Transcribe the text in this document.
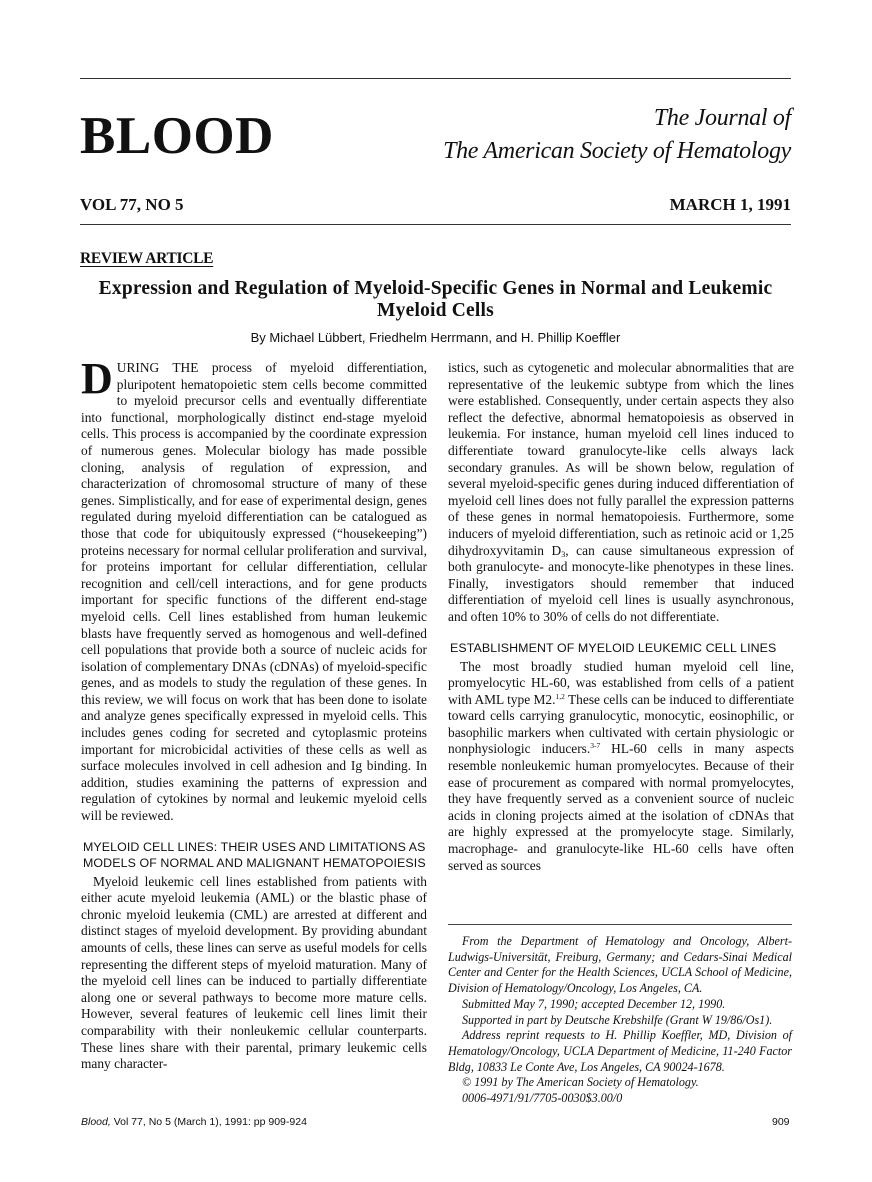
BLOOD	The Journal of
The American Society of Hematology
VOL 77, NO 5	MARCH 1, 1991
REVIEW ARTICLE
Expression and Regulation of Myeloid-Specific Genes in Normal and Leukemic Myeloid Cells
By Michael Lübbert, Friedhelm Herrmann, and H. Phillip Koeffler

DURING THE process of myeloid differentiation, pluripotent hematopoietic stem cells become committed to myeloid precursor cells and eventually differentiate into functional, morphologically distinct end-stage myeloid cells. This process is accompanied by the coordinate expression of numerous genes. Molecular biology has made possible cloning, analysis of regulation of expression, and characterization of chromosomal structure of many of these genes. Simplistically, and for ease of experimental design, genes regulated during myeloid differentiation can be catalogued as those that code for ubiquitously expressed (“housekeeping”) proteins necessary for normal cellular proliferation and survival, for proteins important for cellular differentiation, cellular recognition and cell/cell interactions, and for gene products important for specific functions of the different end-stage myeloid cells. Cell lines established from human leukemic blasts have frequently served as homogenous and well-defined cell populations that provide both a source of nucleic acids for isolation of complementary DNAs (cDNAs) of myeloid-specific genes, and as models to study the regulation of these genes. In this review, we will focus on work that has been done to isolate and analyze genes specifically expressed in myeloid cells. This includes genes coding for secreted and cytoplasmic proteins important for microbicidal activities of these cells as well as surface molecules involved in cell adhesion and Ig binding. In addition, studies examining the patterns of expression and regulation of cytokines by normal and leukemic myeloid cells will be reviewed.

MYELOID CELL LINES: THEIR USES AND LIMITATIONS AS MODELS OF NORMAL AND MALIGNANT HEMATOPOIESIS

Myeloid leukemic cell lines established from patients with either acute myeloid leukemia (AML) or the blastic phase of chronic myeloid leukemia (CML) are arrested at different and distinct stages of myeloid development. By providing abundant amounts of cells, these lines can serve as useful models for cells representing the different steps of myeloid maturation. Many of the myeloid cell lines can be induced to partially differentiate along one or several pathways to become more mature cells. However, several features of leukemic cell lines limit their comparability with their nonleukemic cellular counterparts. These lines share with their parental, primary leukemic cells many character-

istics, such as cytogenetic and molecular abnormalities that are representative of the leukemic subtype from which the lines were established. Consequently, under certain aspects they also reflect the defective, abnormal hematopoiesis as observed in leukemia. For instance, human myeloid cell lines induced to differentiate toward granulocyte-like cells always lack secondary granules. As will be shown below, regulation of several myeloid-specific genes during induced differentiation of myeloid cell lines does not fully parallel the expression patterns of these genes in normal hematopoiesis. Furthermore, some inducers of myeloid differentiation, such as retinoic acid or 1,25 dihydroxyvitamin $D_3$, can cause simultaneous expression of both granulocyte- and monocyte-like phenotypes in these lines. Finally, investigators should remember that induced differentiation of myeloid cell lines is usually asynchronous, and often 10% to 30% of cells do not differentiate.

ESTABLISHMENT OF MYELOID LEUKEMIC CELL LINES

The most broadly studied human myeloid cell line, promyelocytic HL-60, was established from cells of a patient with AML type M2.$^{1,2}$ These cells can be induced to differentiate toward cells carrying granulocytic, monocytic, eosinophilic, or basophilic markers when cultivated with certain physiologic or nonphysiologic inducers.$^{3-7}$ HL-60 cells in many aspects resemble nonleukemic human promyelocytes. Because of their ease of procurement as compared with normal promyelocytes, they have frequently served as a convenient source of nucleic acids in cloning projects aimed at the isolation of cDNAs that are highly expressed at the promyelocyte stage. Similarly, macrophage- and granulocyte-like HL-60 cells have often served as sources

From the Department of Hematology and Oncology, Albert-Ludwigs-Universität, Freiburg, Germany; and Cedars-Sinai Medical Center and Center for the Health Sciences, UCLA School of Medicine, Division of Hematology/Oncology, Los Angeles, CA.

Submitted May 7, 1990; accepted December 12, 1990.

Supported in part by Deutsche Krebshilfe (Grant W 19/86/Os1).

Address reprint requests to H. Phillip Koeffler, MD, Division of Hematology/Oncology, UCLA Department of Medicine, 11-240 Factor Bldg, 10833 Le Conte Ave, Los Angeles, CA 90024-1678.

© 1991 by The American Society of Hematology.

0006-4971/91/7705-0030$3.00/0

Blood, Vol 77, No 5 (March 1), 1991: pp 909-924	909
